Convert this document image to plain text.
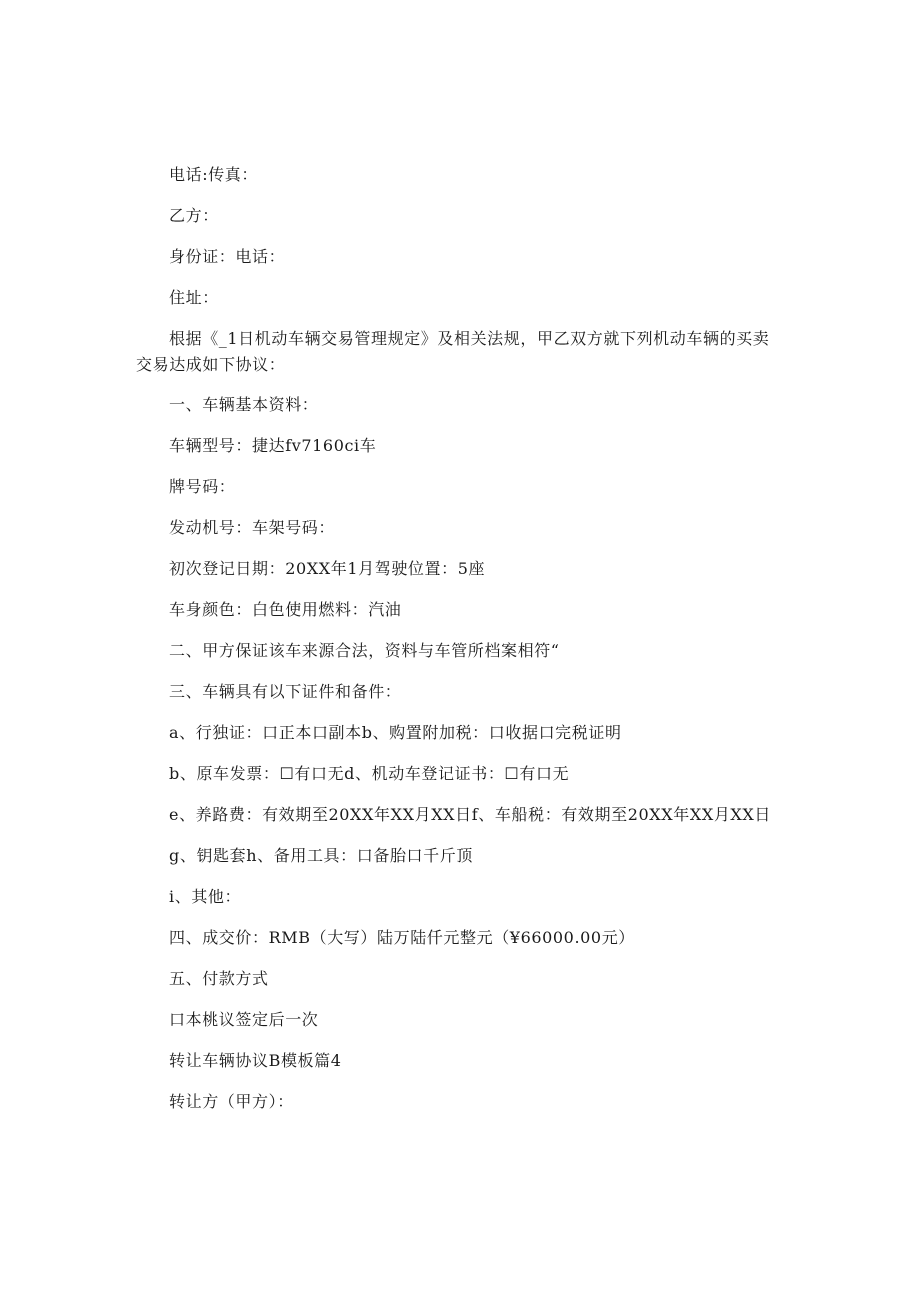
电话:传真：
乙方：
身份证：电话：
住址：
根据《_1日机动车辆交易管理规定》及相关法规，甲乙双方就下列机动车辆的买卖
交易达成如下协议：
一、车辆基本资料：
车辆型号：捷达fv7160ci车
牌号码：
发动机号：车架号码：
初次登记日期：20XX年1月驾驶位置：5座
车身颜色：白色使用燃料：汽油
二、甲方保证该车来源合法，资料与车管所档案相符“
三、车辆具有以下证件和备件：
a、行独证：口正本口副本b、购置附加税：口收据口完税证明
b、原车发票：☐有口无d、机动车登记证书：☐有口无
e、养路费：有效期至20XX年XX月XX日f、车船税：有效期至20XX年XX月XX日
g、钥匙套h、备用工具：口备胎口千斤顶
i、其他：
四、成交价：RMB（大写）陆万陆仟元整元（¥66000.00元）
五、付款方式
口本桃议签定后一次
转让车辆协议B模板篇4
转让方（甲方）：
